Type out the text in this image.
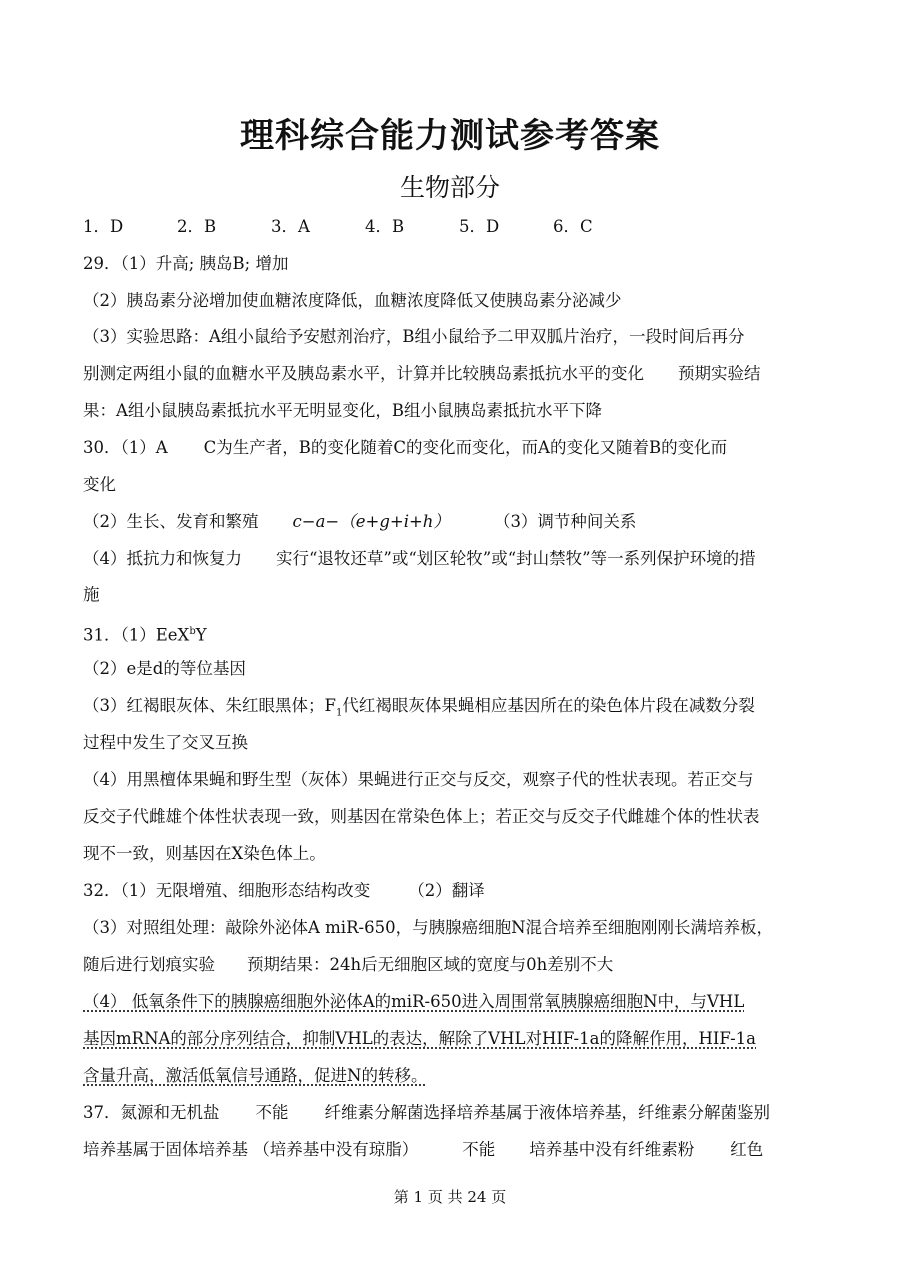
理科综合能力测试参考答案
生物部分
1．D	2．B	3．A	4．B	5．D	6．C
29．（1）升高; 胰岛B; 增加
（2）胰岛素分泌增加使血糖浓度降低，血糖浓度降低又使胰岛素分泌减少
（3）实验思路：A组小鼠给予安慰剂治疗，B组小鼠给予二甲双胍片治疗，一段时间后再分
别测定两组小鼠的血糖水平及胰岛素水平，计算并比较胰岛素抵抗水平的变化 预期实验结
果：A组小鼠胰岛素抵抗水平无明显变化，B组小鼠胰岛素抵抗水平下降
30．（1）A C为生产者，B的变化随着C的变化而变化，而A的变化又随着B的变化而
变化
（2）生长、发育和繁殖 c−a−（e+g+i+h）	（3）调节种间关系
（4）抵抗力和恢复力 实行“退牧还草”或“划区轮牧”或“封山禁牧”等一系列保护环境的措
施
31．（1）EeX$^b$Y
（2）e是d的等位基因
（3）红褐眼灰体、朱红眼黑体；$F_1$代红褐眼灰体果蝇相应基因所在的染色体片段在减数分裂
过程中发生了交叉互换
（4）用黑檀体果蝇和野生型（灰体）果蝇进行正交与反交，观察子代的性状表现。若正交与
反交子代雌雄个体性状表现一致，则基因在常染色体上；若正交与反交子代雌雄个体的性状表
现不一致，则基因在X染色体上。
32．（1）无限增殖、细胞形态结构改变 （2）翻译
（3）对照组处理：敲除外泌体A miR-650，与胰腺癌细胞N混合培养至细胞刚刚长满培养板，
随后进行划痕实验 预期结果：24h后无细胞区域的宽度与0h差别不大
（4） 低氧条件下的胰腺癌细胞外泌体A的miR-650进入周围常氧胰腺癌细胞N中，与VHL
基因mRNA的部分序列结合，抑制VHL的表达，解除了VHL对HIF-1a的降解作用，HIF-1a
含量升高，激活低氧信号通路，促进N的转移。
37．氮源和无机盐 不能 纤维素分解菌选择培养基属于液体培养基，纤维素分解菌鉴别
培养基属于固体培养基 （培养基中没有琼脂）	不能 培养基中没有纤维素粉 红色
第 1 页 共 24 页
